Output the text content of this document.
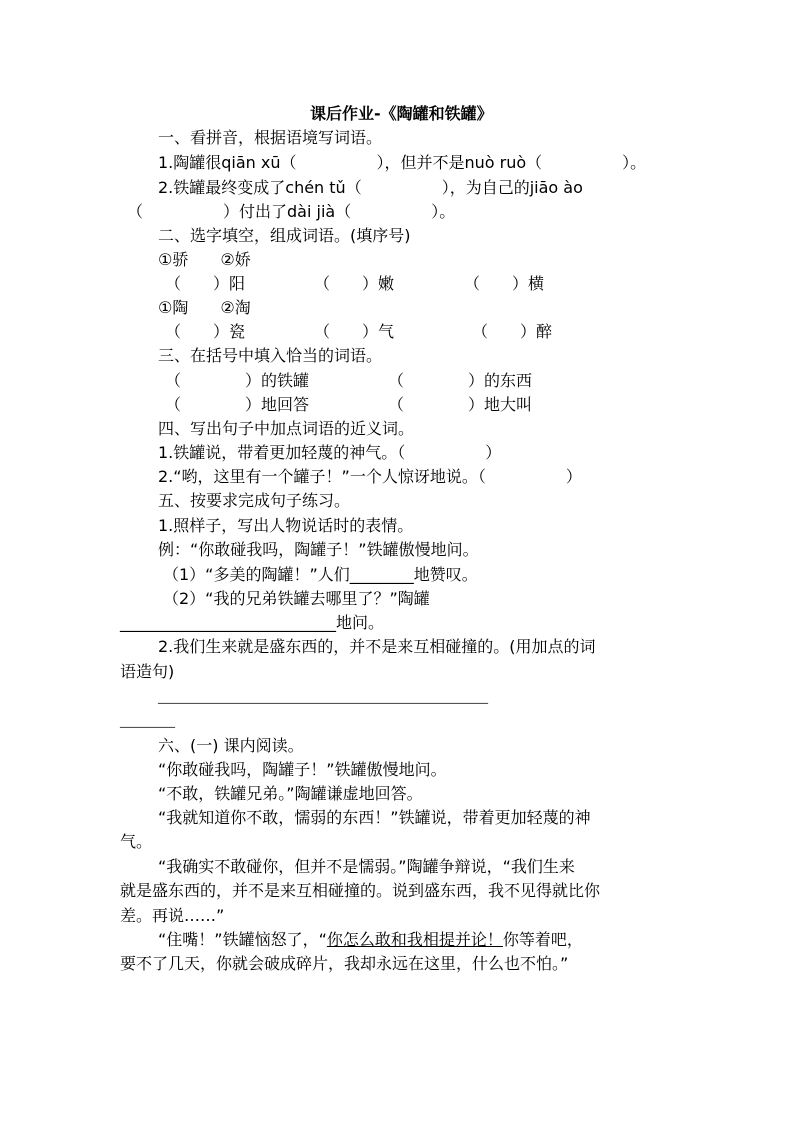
课后作业-《陶罐和铁罐》
一、看拼音，根据语境写词语。
1.陶罐很qiān xū（　　　　　），但并不是nuò ruò（　　　　　）。
2.铁罐最终变成了chén tǔ（　　　　　），为自己的jiāo ào
（　　　　　）付出了dài jià（　　　　　）。
二、选字填空，组成词语。(填序号)
①骄　　②娇
（　　）阳	（　　）嫩	（　　）横
①陶　　②淘
（　　）瓷	（　　）气	（　　）醉
三、在括号中填入恰当的词语。
（　　　　）的铁罐	（　　　　）的东西
（　　　　）地回答	（　　　　）地大叫
四、写出句子中加点词语的近义词。
1.铁罐说，带着更加轻蔑的神气。（　　　　　）
2.“哟，这里有一个罐子！”一个人惊讶地说。（　　　　　）
五、按要求完成句子练习。
1.照样子，写出人物说话时的表情。
例：“你敢碰我吗，陶罐子！”铁罐傲慢地问。
（1）“多美的陶罐！”人们________地赞叹。
（2）“我的兄弟铁罐去哪里了？”陶罐
___________________________地问。
2.我们生来就是盛东西的，并不是来互相碰撞的。(用加点的词
语造句)
____________________________________________________________
__________
六、(一) 课内阅读。
“你敢碰我吗，陶罐子！”铁罐傲慢地问。
“不敢，铁罐兄弟。”陶罐谦虚地回答。
“我就知道你不敢，懦弱的东西！”铁罐说，带着更加轻蔑的神
气。
“我确实不敢碰你，但并不是懦弱。”陶罐争辩说，“我们生来
就是盛东西的，并不是来互相碰撞的。说到盛东西，我不见得就比你
差。再说……”
“住嘴！”铁罐恼怒了，“你怎么敢和我相提并论！你等着吧，
要不了几天，你就会破成碎片，我却永远在这里，什么也不怕。”
